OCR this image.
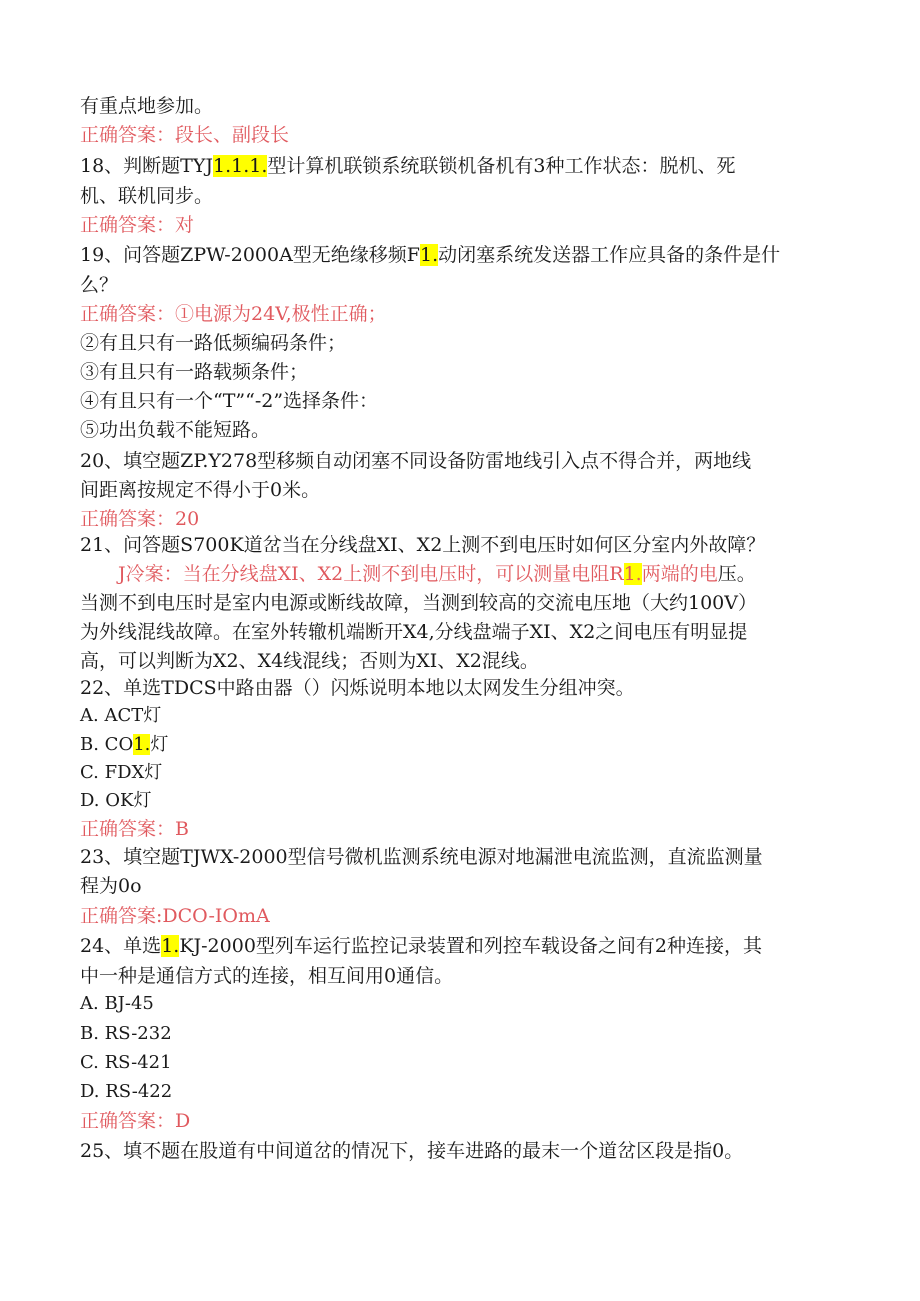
有重点地参加。
正确答案：段长、副段长
18、判断题TYJ1.1.1.型计算机联锁系统联锁机备机有3种工作状态：脱机、死
机、联机同步。
正确答案：对
19、问答题ZPW-2000A型无绝缘移频F1.动闭塞系统发送器工作应具备的条件是什
么？
正确答案：①电源为24V,极性正确；
②有且只有一路低频编码条件；
③有且只有一路载频条件；
④有且只有一个“T”“-2”选择条件：
⑤功出负载不能短路。
20、填空题ZP.Y278型移频自动闭塞不同设备防雷地线引入点不得合并，两地线
间距离按规定不得小于0米。
正确答案：20
21、问答题S700K道岔当在分线盘XI、X2上测不到电压时如何区分室内外故障？
J冷案：当在分线盘XI、X2上测不到电压时，可以测量电阻R1.两端的电压。
当测不到电压时是室内电源或断线故障，当测到较高的交流电压地（大约100V）
为外线混线故障。在室外转辙机端断开X4,分线盘端子XI、X2之间电压有明显提
高，可以判断为X2、X4线混线；否则为XI、X2混线。
22、单选TDCS中路由器（）闪烁说明本地以太网发生分组冲突。
A. ACT灯
B. CO1.灯
C. FDX灯
D. OK灯
正确答案：B
23、填空题TJWX-2000型信号微机监测系统电源对地漏泄电流监测，直流监测量
程为0o
正确答案:DCO-IOmA
24、单选1.KJ-2000型列车运行监控记录装置和列控车载设备之间有2种连接，其
中一种是通信方式的连接，相互间用0通信。
A. BJ-45
B. RS-232
C. RS-421
D. RS-422
正确答案：D
25、填不题在股道有中间道岔的情况下，接车进路的最末一个道岔区段是指0。
